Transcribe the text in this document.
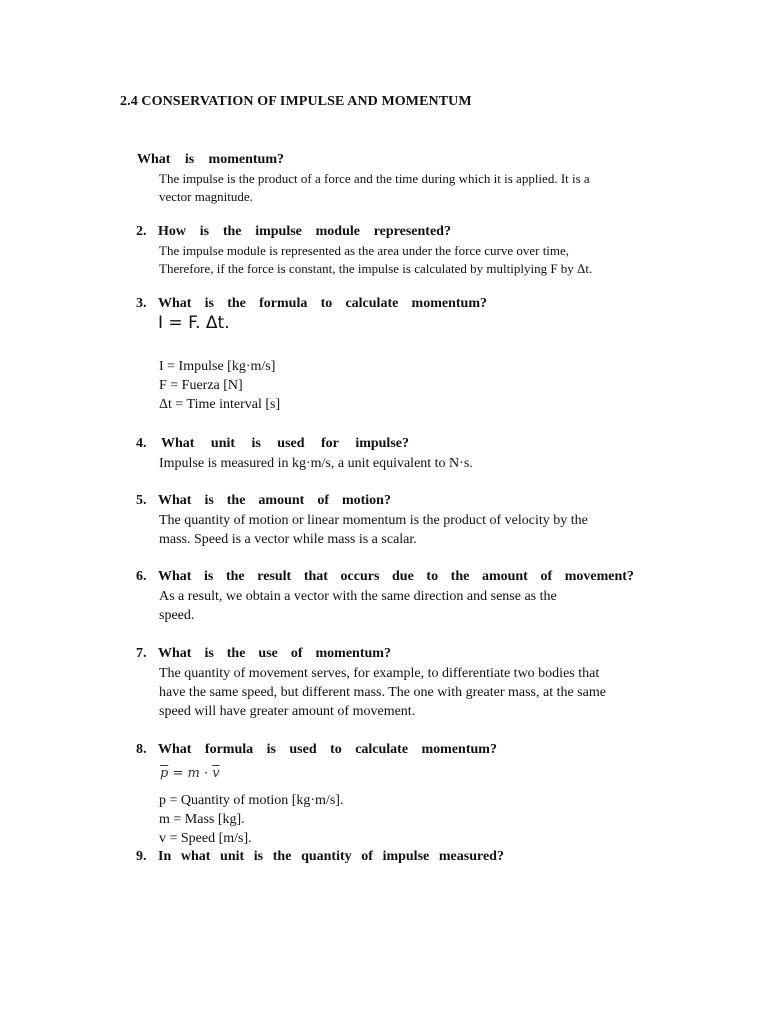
2.4 CONSERVATION OF IMPULSE AND MOMENTUM
What is momentum?
The impulse is the product of a force and the time during which it is applied. It is a
vector magnitude.
2. How is the impulse module represented?
The impulse module is represented as the area under the force curve over time,
Therefore, if the force is constant, the impulse is calculated by multiplying F by Δt.
3. What is the formula to calculate momentum?
I = F. Δt.
I = Impulse [kg·m/s]
F = Fuerza [N]
Δt = Time interval [s]
4.	What unit is used for impulse?
Impulse is measured in kg·m/s, a unit equivalent to N·s.
5. What is the amount of motion?
The quantity of motion or linear momentum is the product of velocity by the
mass. Speed is a vector while mass is a scalar.
6. What is the result that occurs due to the amount of movement?
As a result, we obtain a vector with the same direction and sense as the
speed.
7. What is the use of momentum?
The quantity of movement serves, for example, to differentiate two bodies that
have the same speed, but different mass. The one with greater mass, at the same
speed will have greater amount of movement.
8. What formula is used to calculate momentum?
$\overline{p} = m \cdot \overline{v}$
p = Quantity of motion [kg·m/s].
m = Mass [kg].
v = Speed [m/s].
9. In what unit is the quantity of impulse measured?
